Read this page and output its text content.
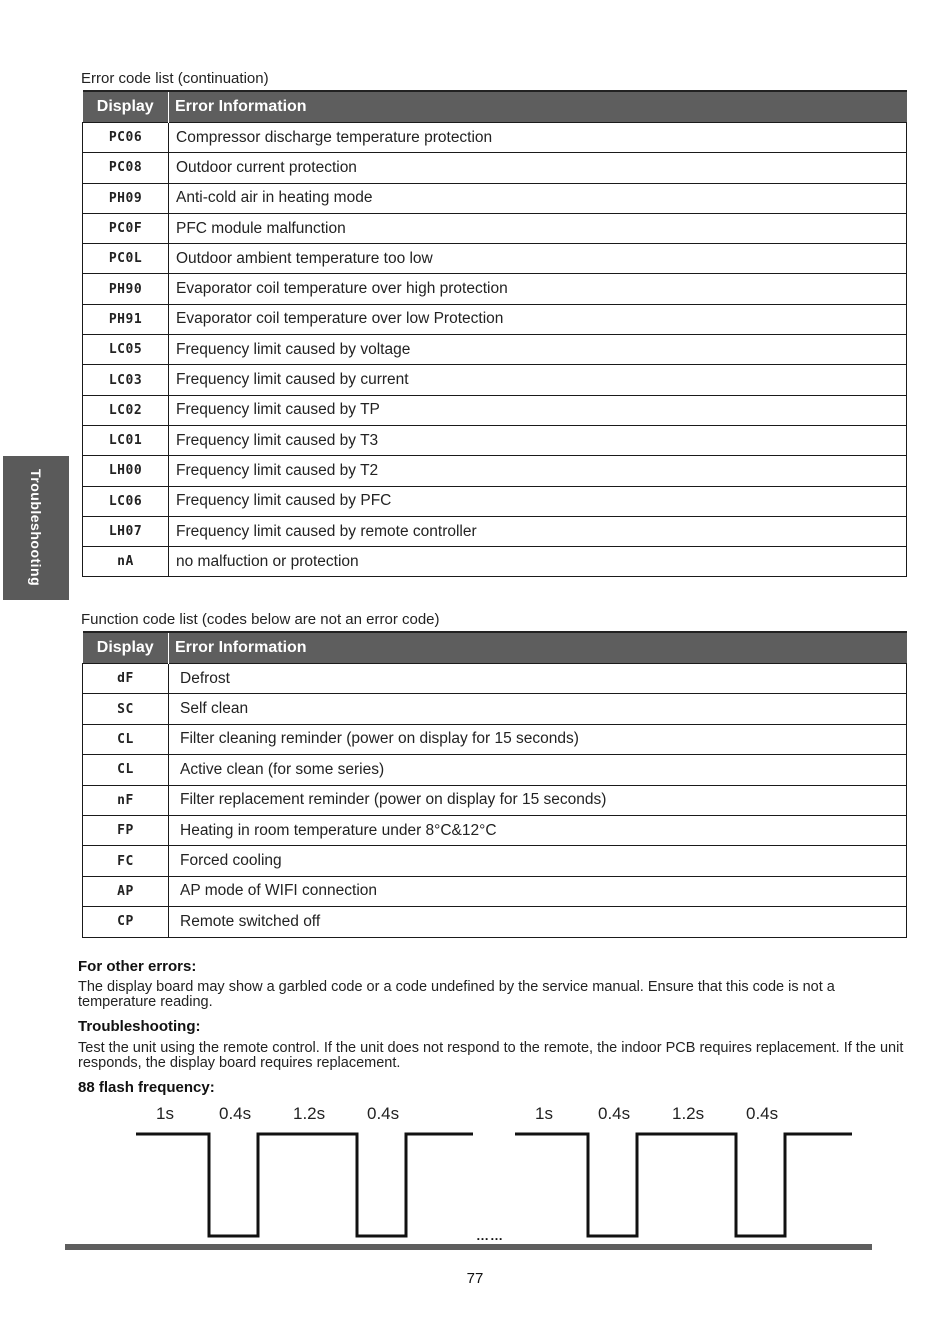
Troubleshooting
Error code list (continuation)
Display	Error Information
PC06	Compressor discharge temperature protection
PC08	Outdoor current protection
PH09	Anti-cold air in heating mode
PC0F	PFC module malfunction
PC0L	Outdoor ambient temperature too low
PH90	Evaporator coil temperature over high protection
PH91	Evaporator coil temperature over low Protection
LC05	Frequency limit caused by voltage
LC03	Frequency limit caused by current
LC02	Frequency limit caused by TP
LC01	Frequency limit caused by T3
LH00	Frequency limit caused by T2
LC06	Frequency limit caused by PFC
LH07	Frequency limit caused by remote controller
nA	no malfuction or protection
Function code list (codes below are not an error code)
Display	Error Information
dF	Defrost
SC	Self clean
CL	Filter cleaning reminder (power on display for 15 seconds)
CL	Active clean (for some series)
nF	Filter replacement reminder (power on display for 15 seconds)
FP	Heating in room temperature under 8°C&12°C
FC	Forced cooling
AP	AP mode of WIFI connection
CP	Remote switched off
For other errors:
The display board may show a garbled code or a code undefined by the service manual. Ensure that this code is not a temperature reading.
Troubleshooting:
Test the unit using the remote control. If the unit does not respond to the remote, the indoor PCB requires replacement. If the unit responds, the display board requires replacement.
88 flash frequency:
1s	0.4s 1.2s 0.4s	1s	0.4s 1.2s 0.4s
……
77
